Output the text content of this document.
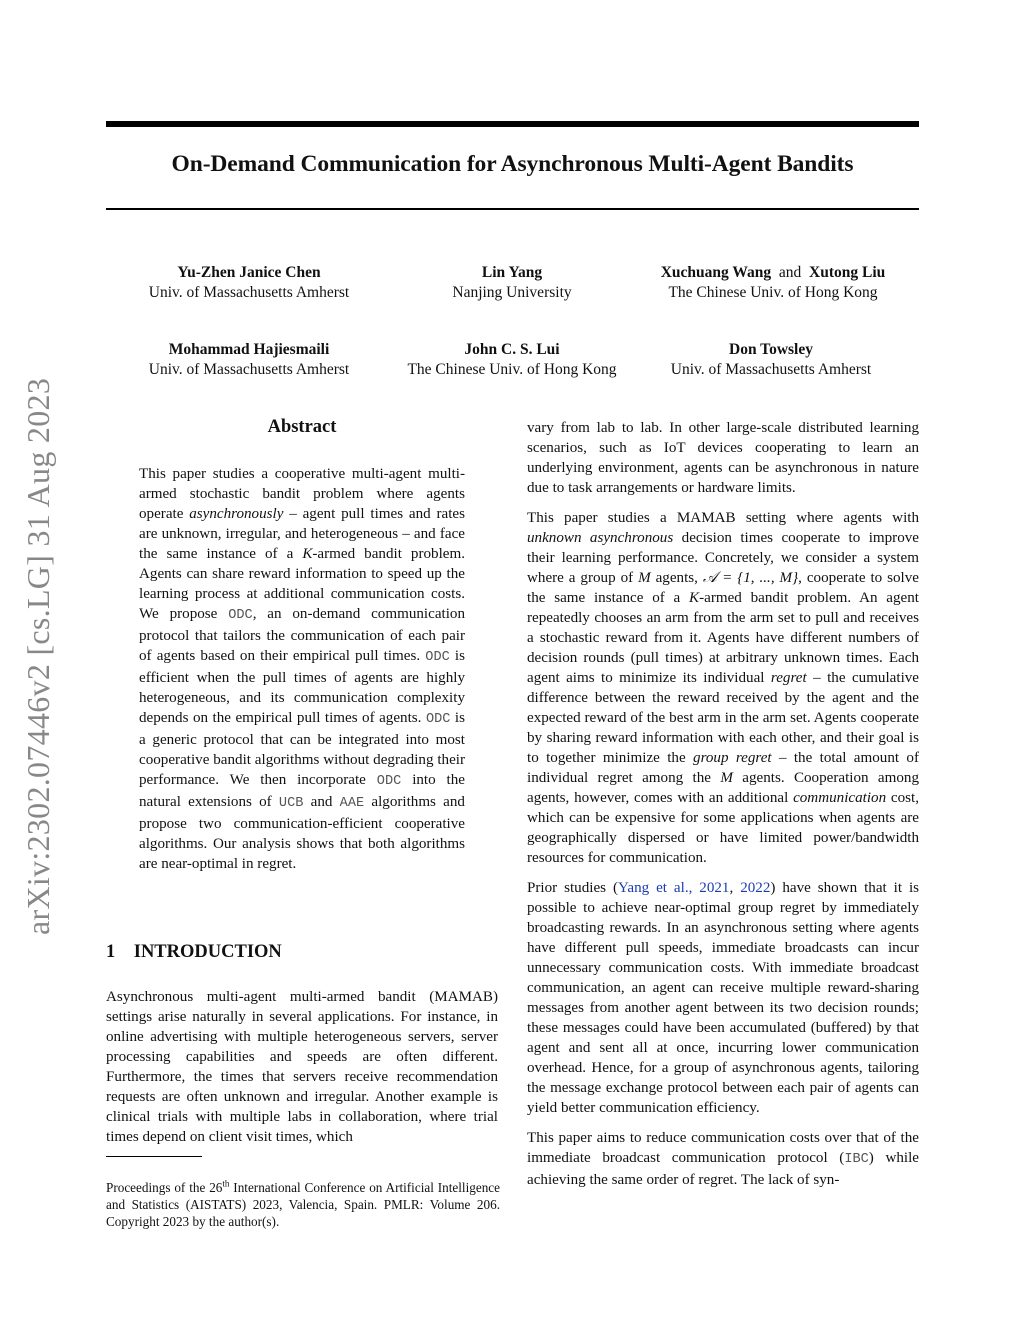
On-Demand Communication for Asynchronous Multi-Agent Bandits
arXiv:2302.07446v2 [cs.LG] 31 Aug 2023
Yu-Zhen Janice Chen
Univ. of Massachusetts Amherst
Lin Yang
Nanjing University
Xuchuang Wang and Xutong Liu
The Chinese Univ. of Hong Kong
Mohammad Hajiesmaili
Univ. of Massachusetts Amherst
John C. S. Lui
The Chinese Univ. of Hong Kong
Don Towsley
Univ. of Massachusetts Amherst
Abstract

This paper studies a cooperative multi-agent multi-armed stochastic bandit problem where agents operate asynchronously – agent pull times and rates are unknown, irregular, and heterogeneous – and face the same instance of a K-armed bandit problem. Agents can share reward information to speed up the learning process at additional communication costs. We propose ODC, an on-demand communication protocol that tailors the communication of each pair of agents based on their empirical pull times. ODC is efficient when the pull times of agents are highly heterogeneous, and its communication complexity depends on the empirical pull times of agents. ODC is a generic protocol that can be integrated into most cooperative bandit algorithms without degrading their performance. We then incorporate ODC into the natural extensions of UCB and AAE algorithms and propose two communication-efficient cooperative algorithms. Our analysis shows that both algorithms are near-optimal in regret.

1 INTRODUCTION

Asynchronous multi-agent multi-armed bandit (MAMAB) settings arise naturally in several applications. For instance, in online advertising with multiple heterogeneous servers, server processing capabilities and speeds are often different. Furthermore, the times that servers receive recommendation requests are often unknown and irregular. Another example is clinical trials with multiple labs in collaboration, where trial times depend on client visit times, which

Proceedings of the 26th International Conference on Artificial Intelligence and Statistics (AISTATS) 2023, Valencia, Spain. PMLR: Volume 206. Copyright 2023 by the author(s).

vary from lab to lab. In other large-scale distributed learning scenarios, such as IoT devices cooperating to learn an underlying environment, agents can be asynchronous in nature due to task arrangements or hardware limits.

This paper studies a MAMAB setting where agents with unknown asynchronous decision times cooperate to improve their learning performance. Concretely, we consider a system where a group of M agents, 𝒜 = {1, ..., M}, cooperate to solve the same instance of a K-armed bandit problem. An agent repeatedly chooses an arm from the arm set to pull and receives a stochastic reward from it. Agents have different numbers of decision rounds (pull times) at arbitrary unknown times. Each agent aims to minimize its individual regret – the cumulative difference between the reward received by the agent and the expected reward of the best arm in the arm set. Agents cooperate by sharing reward information with each other, and their goal is to together minimize the group regret – the total amount of individual regret among the M agents. Cooperation among agents, however, comes with an additional communication cost, which can be expensive for some applications when agents are geographically dispersed or have limited power/bandwidth resources for communication.

Prior studies (Yang et al., 2021, 2022) have shown that it is possible to achieve near-optimal group regret by immediately broadcasting rewards. In an asynchronous setting where agents have different pull speeds, immediate broadcasts can incur unnecessary communication costs. With immediate broadcast communication, an agent can receive multiple reward-sharing messages from another agent between its two decision rounds; these messages could have been accumulated (buffered) by that agent and sent all at once, incurring lower communication overhead. Hence, for a group of asynchronous agents, tailoring the message exchange protocol between each pair of agents can yield better communication efficiency.

This paper aims to reduce communication costs over that of the immediate broadcast communication protocol (IBC) while achieving the same order of regret. The lack of syn-
